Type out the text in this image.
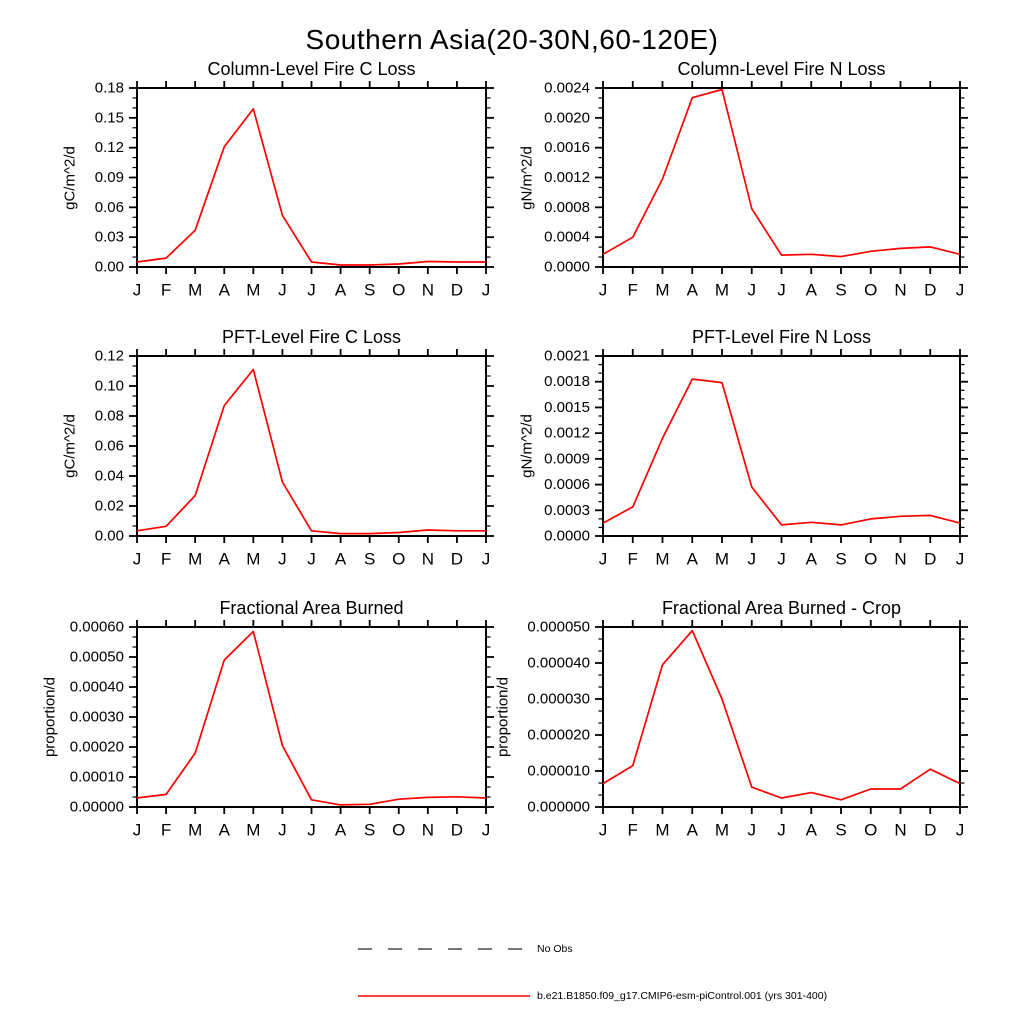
Southern Asia(20-30N,60-120E)
Column-Level Fire C Loss	Column-Level Fire N Loss
PFT-Level Fire C Loss	PFT-Level Fire N Loss
Fractional Area Burned	Fractional Area Burned - Crop
gC/m^2/d	gN/m^2/d
gC/m^2/d	gN/m^2/d
proportion/d	proportion/d
J F M A M J J A S O N D J
0.00
0.03
0.06
0.09
0.12
0.15
0.18
J F M A M J J A S O N D J
0.0000
0.0004
0.0008
0.0012
0.0016
0.0020
0.0024
J F M A M J J A S O N D J
0.00
0.02
0.04
0.06
0.08
0.10
0.12
J F M A M J J A S O N D J
0.0000
0.0003
0.0006
0.0009
0.0012
0.0015
0.0018
0.0021
J F M A M J J A S O N D J
0.00000
0.00010
0.00020
0.00030
0.00040
0.00050
0.00060
J F M A M J J A S O N D J
0.000000
0.000010
0.000020
0.000030
0.000040
0.000050
No Obs
b.e21.B1850.f09_g17.CMIP6-esm-piControl.001 (yrs 301-400)
